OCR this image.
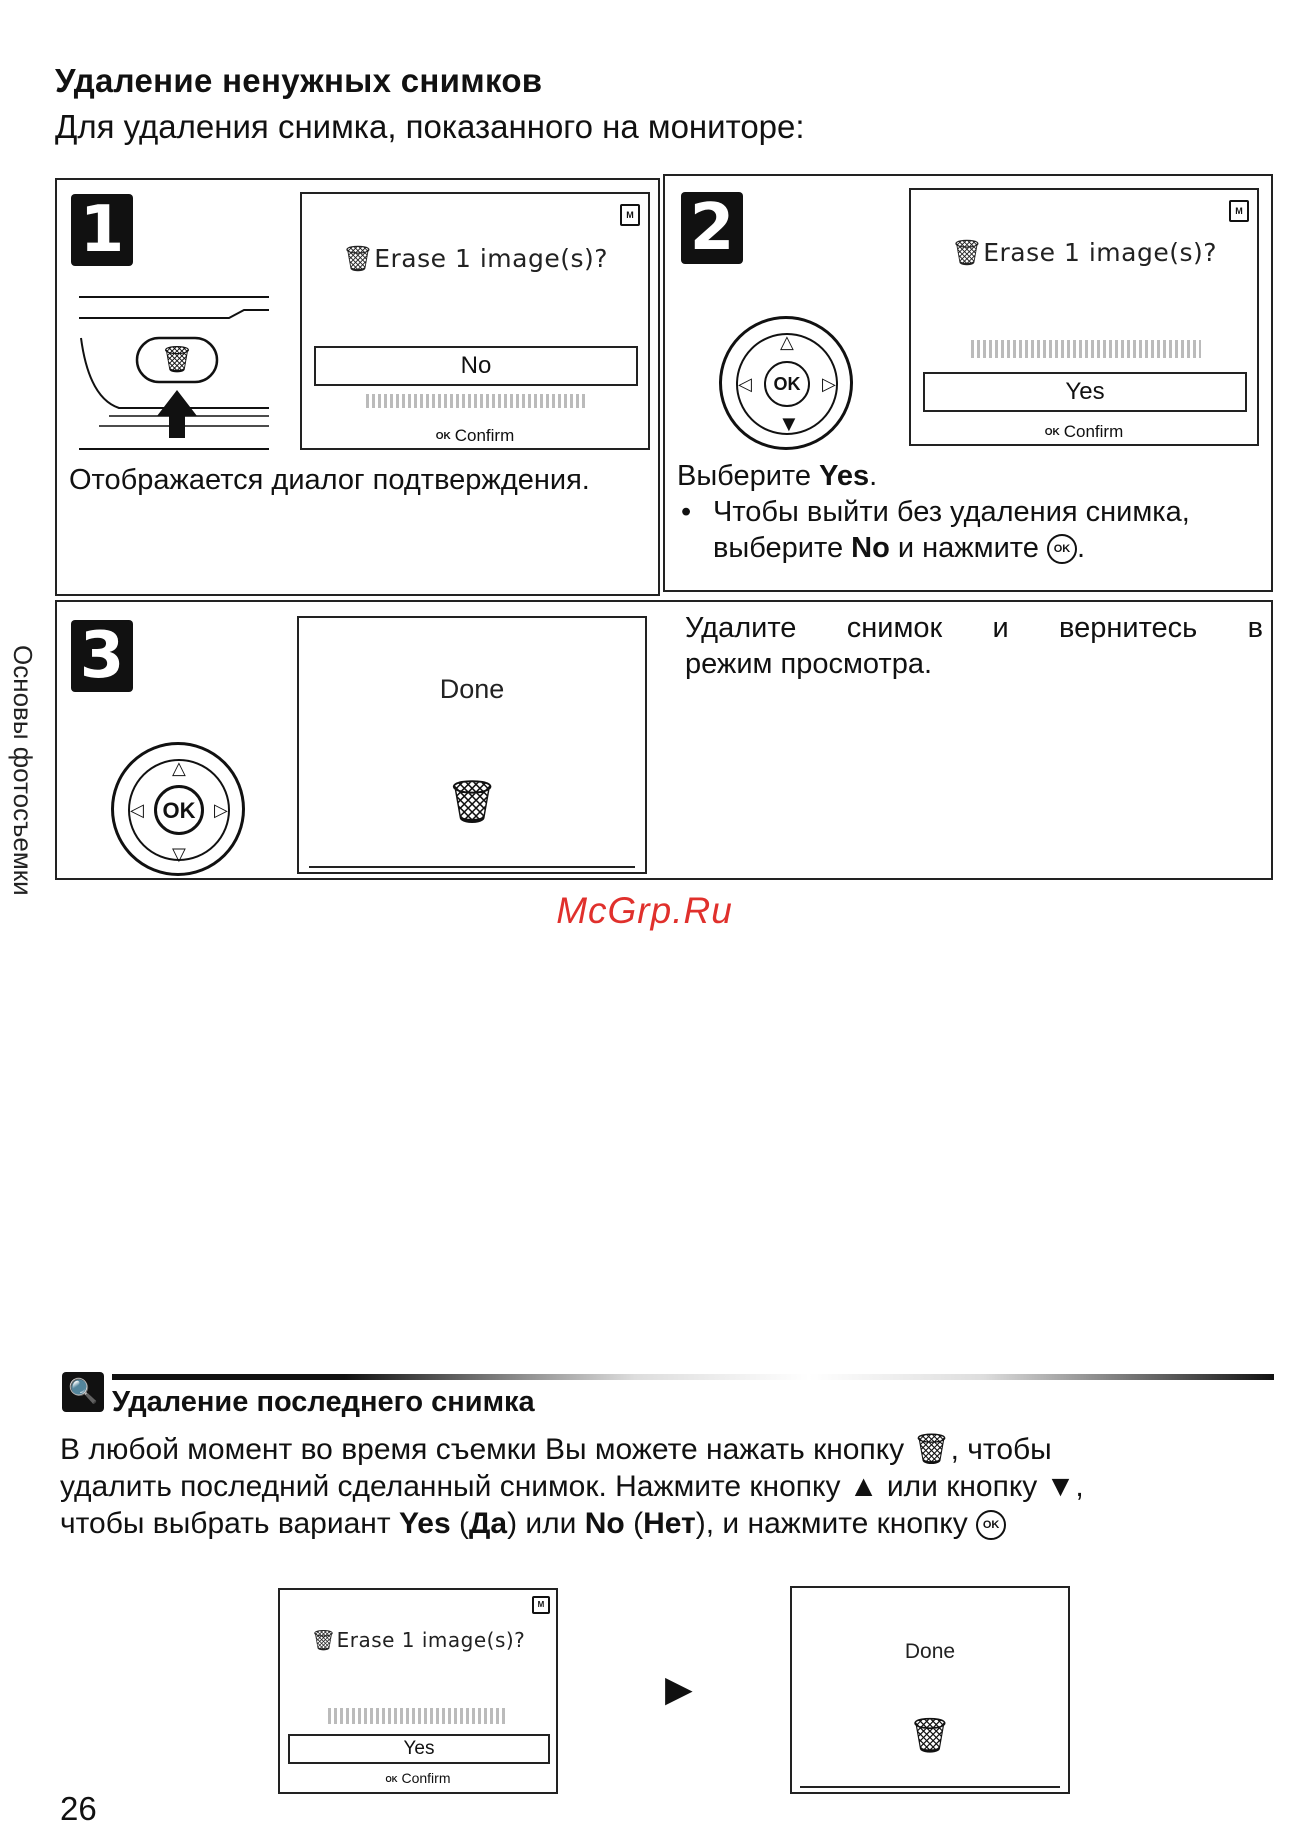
Удаление ненужных снимков
Для удаления снимка, показанного на мониторе:
Основы фотосъемки
1
🗑
M
🗑Erase 1 image(s)?
No
OK Confirm
Отображается диалог подтверждения.
2
OK
△
▼
◁	▷
M
🗑Erase 1 image(s)?
Yes
OK Confirm
Выберите Yes.
• Чтобы выйти без удаления снимка,
выберите No и нажмите OK .
3
OK
△
▽
◁	▷
Done
🗑
Удалите снимок и вернитесь в
режим просмотра.
McGrp.Ru
🔍 Удаление последнего снимка
В любой момент во время съемки Вы можете нажать кнопку 🗑, чтобы
удалить последний сделанный снимок. Нажмите кнопку ▲ или кнопку ▼,
чтобы выбрать вариант Yes (Да) или No (Нет), и нажмите кнопку OK
M
🗑Erase 1 image(s)?
Yes
OK Confirm
▶
Done
🗑
26
